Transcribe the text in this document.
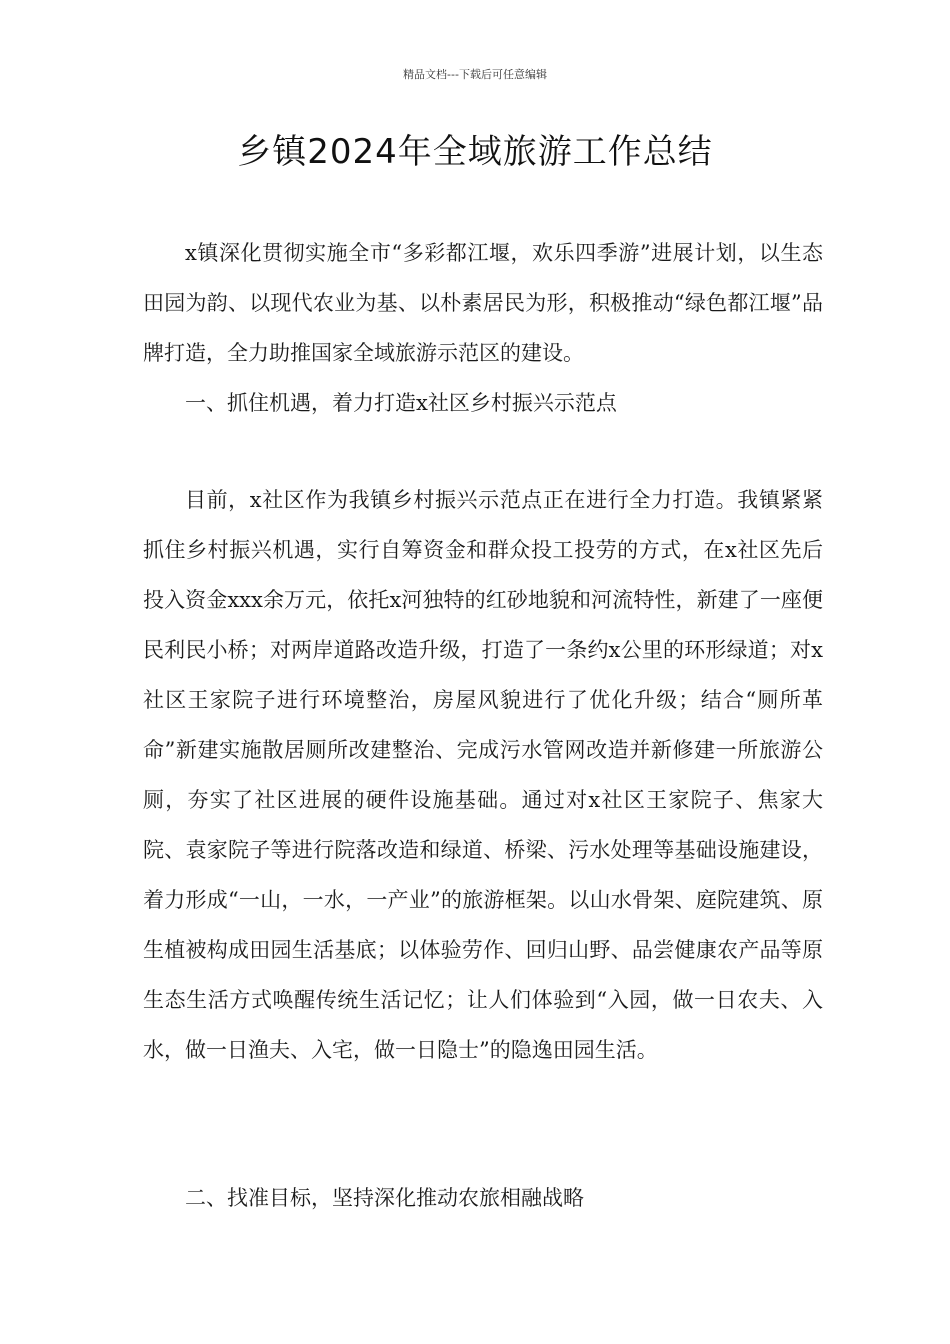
精品文档---下载后可任意编辑
乡镇2024年全域旅游工作总结

x镇深化贯彻实施全市“多彩都江堰，欢乐四季游”进展计划，以生态田园为韵、以现代农业为基、以朴素居民为形，积极推动“绿色都江堰”品牌打造，全力助推国家全域旅游示范区的建设。

一、抓住机遇，着力打造x社区乡村振兴示范点

目前，x社区作为我镇乡村振兴示范点正在进行全力打造。我镇紧紧抓住乡村振兴机遇，实行自筹资金和群众投工投劳的方式，在x社区先后投入资金xxx余万元，依托x河独特的红砂地貌和河流特性，新建了一座便民利民小桥；对两岸道路改造升级，打造了一条约x公里的环形绿道；对x社区王家院子进行环境整治，房屋风貌进行了优化升级；结合“厕所革命”新建实施散居厕所改建整治、完成污水管网改造并新修建一所旅游公厕，夯实了社区进展的硬件设施基础。通过对x社区王家院子、焦家大院、袁家院子等进行院落改造和绿道、桥梁、污水处理等基础设施建设，着力形成“一山，一水，一产业”的旅游框架。以山水骨架、庭院建筑、原生植被构成田园生活基底；以体验劳作、回归山野、品尝健康农产品等原生态生活方式唤醒传统生活记忆；让人们体验到“入园，做一日农夫、入水，做一日渔夫、入宅，做一日隐士”的隐逸田园生活。

二、找准目标，坚持深化推动农旅相融战略
